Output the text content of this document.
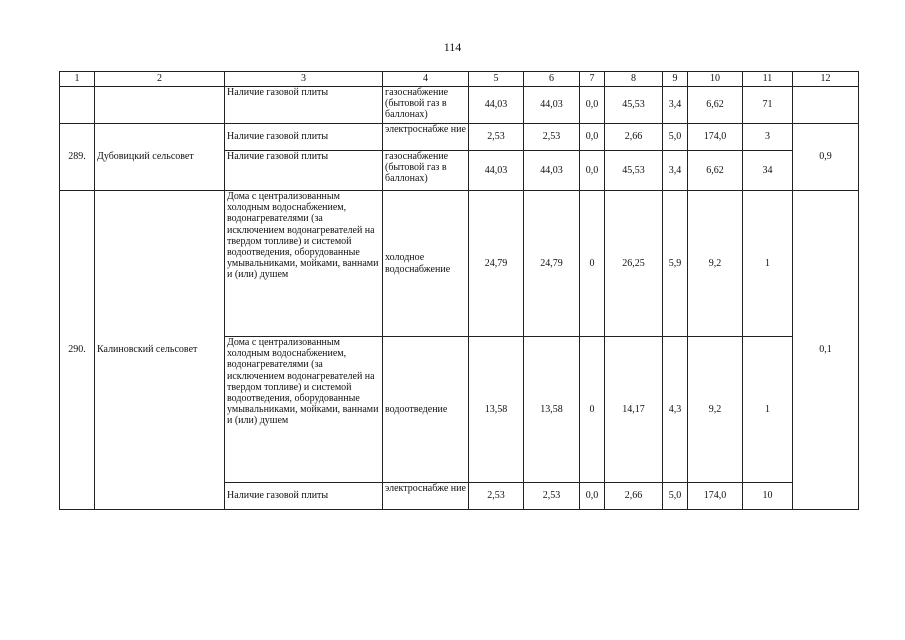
114
1	2	3	4	5	6	7	8	9	10	11	12
		Наличие газовой плиты	газоснабжение (бытовой газ в баллонах)	44,03	44,03	0,0	45,53	3,4	6,62	71	
289.	Дубовицкий сельсовет	Наличие газовой плиты	электроснабже ние	2,53	2,53	0,0	2,66	5,0	174,0	3	0,9
		Наличие газовой плиты	газоснабжение (бытовой газ в баллонах)	44,03	44,03	0,0	45,53	3,4	6,62	34	
290.	Калиновский сельсовет	Дома с централизованным холодным водоснабжением, водонагревателями (за исключением водонагревателей на твердом топливе) и системой водоотведения, оборудованные умывальниками, мойками, ваннами и (или) душем	холодное водоснабжение	24,79	24,79	0	26,25	5,9	9,2	1	0,1
		Дома с централизованным холодным водоснабжением, водонагревателями (за исключением водонагревателей на твердом топливе) и системой водоотведения, оборудованные умывальниками, мойками, ваннами и (или) душем	водоотведение	13,58	13,58	0	14,17	4,3	9,2	1	
		Наличие газовой плиты	электроснабже ние	2,53	2,53	0,0	2,66	5,0	174,0	10	
